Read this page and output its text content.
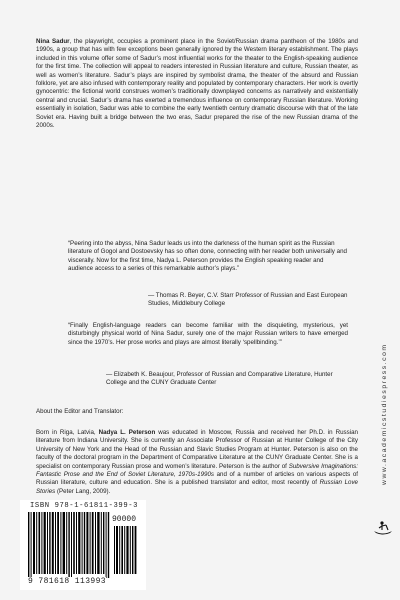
Nina Sadur, the playwright, occupies a prominent place in the Soviet/Russian drama pantheon of the 1980s and 1990s, a group that has with few exceptions been generally ignored by the Western literary establishment. The plays included in this volume offer some of Sadur’s most influential works for the theater to the English-speaking audience for the first time. The collection will appeal to readers interested in Russian literature and culture, Russian theater, as well as women’s literature. Sadur’s plays are inspired by symbolist drama, the theater of the absurd and Russian folklore, yet are also infused with contemporary reality and populated by contemporary characters. Her work is overtly gynocentric: the fictional world construes women’s traditionally downplayed concerns as narratively and existentially central and crucial. Sadur’s drama has exerted a tremendous influence on contemporary Russian literature. Working essentially in isolation, Sadur was able to combine the early twentieth century dramatic discourse with that of the late Soviet era. Having built a bridge between the two eras, Sadur prepared the rise of the new Russian drama of the 2000s.

“Peering into the abyss, Nina Sadur leads us into the darkness of the human spirit as the Russian literature of Gogol and Dostoevsky has so often done, connecting with her reader both universally and viscerally. Now for the first time, Nadya L. Peterson provides the English speaking reader and audience access to a series of this remarkable author’s plays.”

— Thomas R. Beyer, C.V. Starr Professor of Russian and East European Studies, Middlebury College

“Finally English-language readers can become familiar with the disquieting, mysterious, yet disturbingly physical world of Nina Sadur, surely one of the major Russian writers to have emerged since the 1970’s. Her prose works and plays are almost literally ‘spellbinding.’”

— Elizabeth K. Beaujour, Professor of Russian and Comparative Literature, Hunter College and the CUNY Graduate Center

About the Editor and Translator:

Born in Riga, Latvia, Nadya L. Peterson was educated in Moscow, Russia and received her Ph.D. in Russian literature from Indiana University. She is currently an Associate Professor of Russian at Hunter College of the City University of New York and the Head of the Russian and Slavic Studies Program at Hunter. Peterson is also on the faculty of the doctoral program in the Department of Comparative Literature at the CUNY Graduate Center. She is a specialist on contemporary Russian prose and women’s literature. Peterson is the author of Subversive Imaginations: Fantastic Prose and the End of Soviet Literature, 1970s-1990s and of a number of articles on various aspects of Russian literature, culture and education. She is a published translator and editor, most recently of Russian Love Stories (Peter Lang, 2009).

www.academicstudiespress.com
ISBN 978-1-61811-399-3
90000
9 781618 113993
